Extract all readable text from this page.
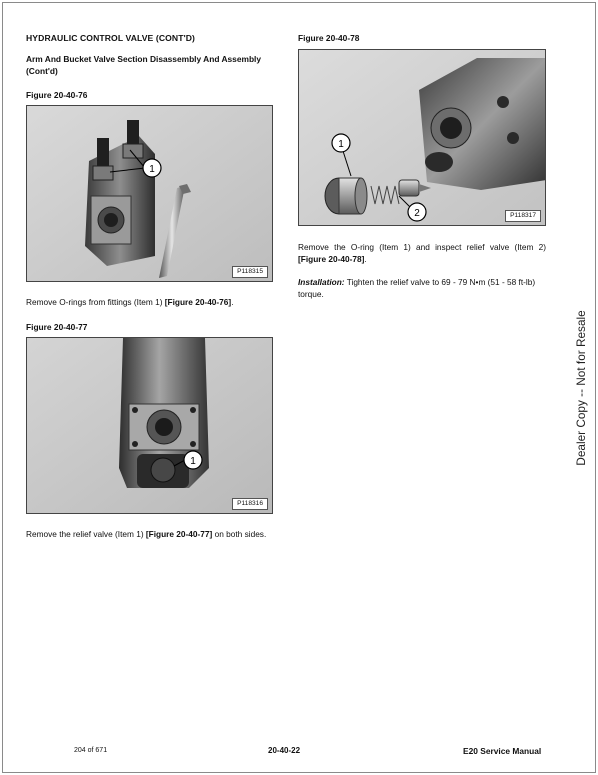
HYDRAULIC CONTROL VALVE (CONT'D)
Arm And Bucket Valve Section Disassembly And Assembly (Cont'd)
Figure 20-40-76
1
P118315
Remove O-rings from fittings (Item 1) [Figure 20-40-76].
Figure 20-40-77
1
P118316
Remove the relief valve (Item 1) [Figure 20-40-77] on both sides.
Figure 20-40-78
1
2	P118317
Remove the O-ring (Item 1) and inspect relief valve (Item 2) [Figure 20-40-78].
Installation: Tighten the relief valve to 69 - 79 N•m (51 - 58 ft-lb) torque.
Dealer Copy -- Not for Resale
204 of 671	20-40-22	E20 Service Manual
